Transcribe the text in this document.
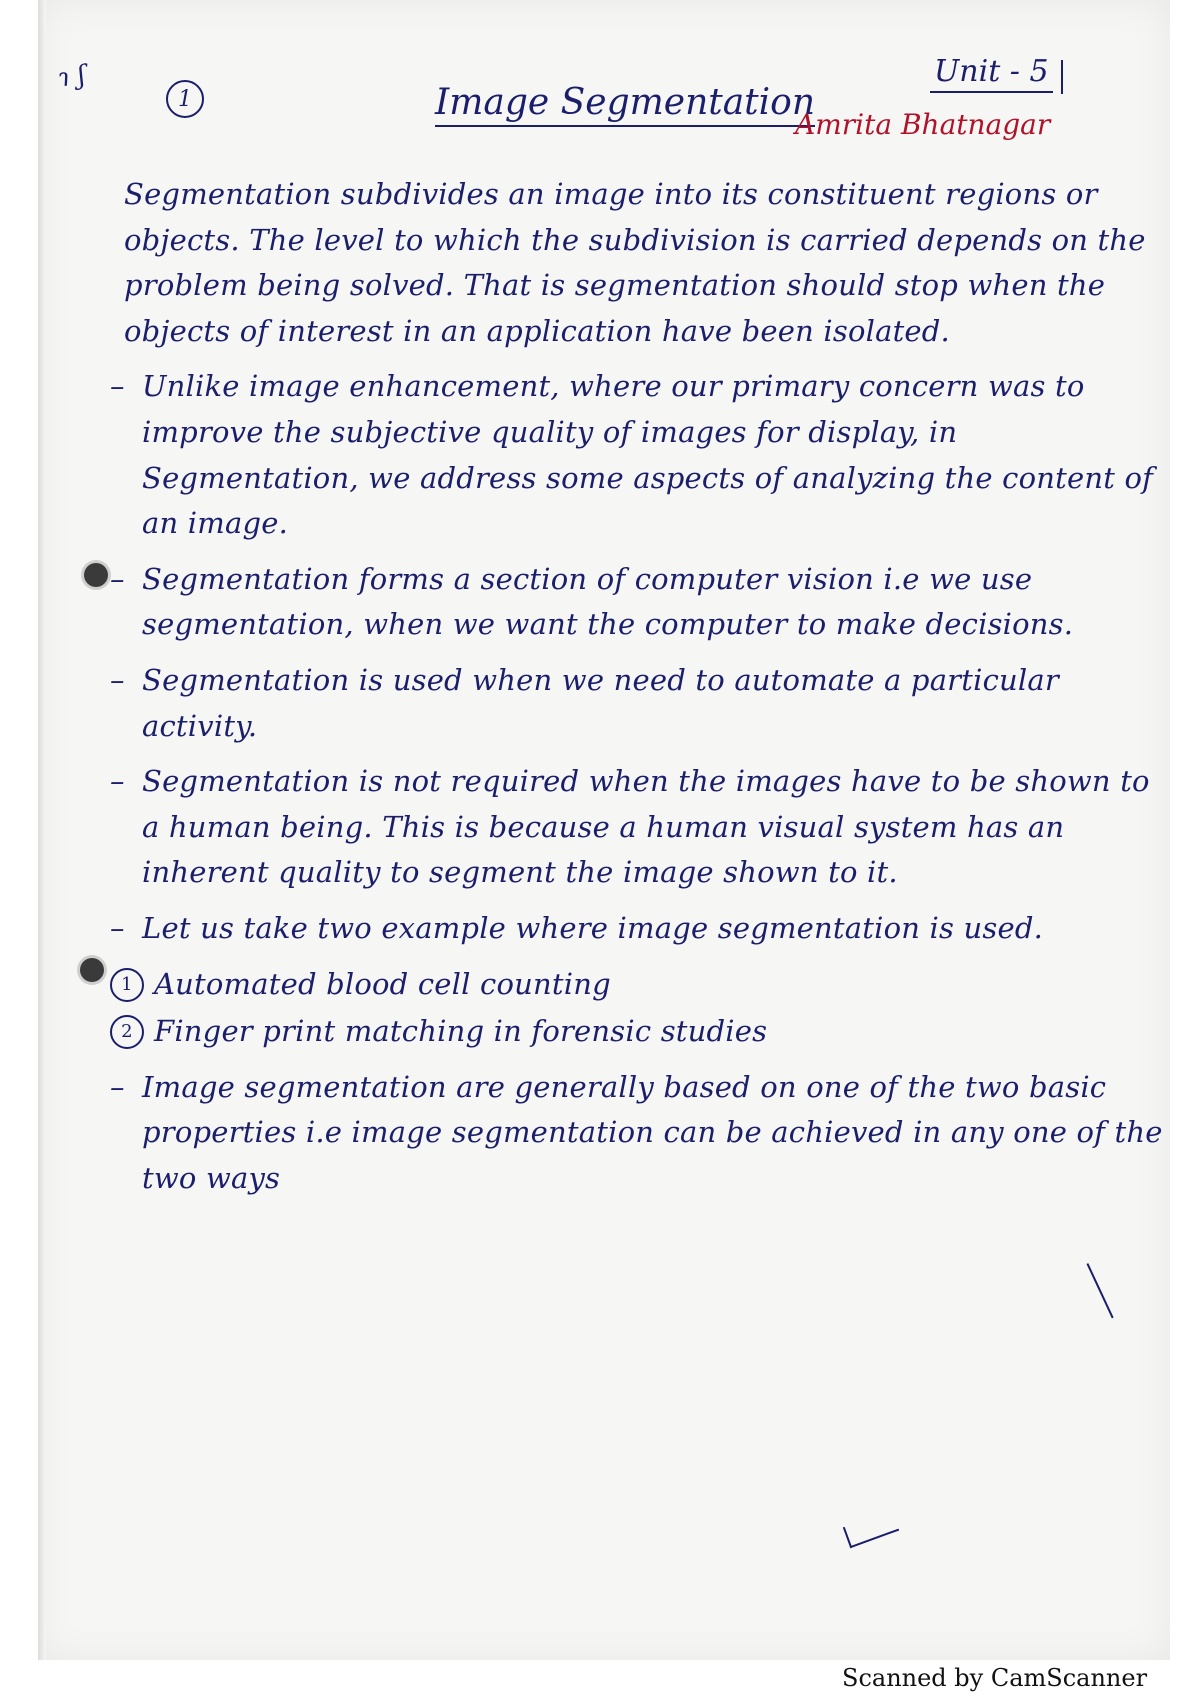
ɿ ʃ
1	Image Segmentation
Unit - 5
Amrita Bhatnagar
Segmentation subdivides an image into its constituent regions or objects. The level to which the subdivision is carried depends on the problem being solved. That is segmentation should stop when the objects of interest in an application have been isolated.
– Unlike image enhancement, where our primary concern was to improve the subjective quality of images for display, in Segmentation, we address some aspects of analyzing the content of an image.
– Segmentation forms a section of computer vision i.e we use segmentation, when we want the computer to make decisions.
– Segmentation is used when we need to automate a particular activity.
– Segmentation is not required when the images have to be shown to a human being. This is because a human visual system has an inherent quality to segment the image shown to it.
– Let us take two example where image segmentation is used.
1 Automated blood cell counting
2 Finger print matching in forensic studies
– Image segmentation are generally based on one of the two basic properties i.e image segmentation can be achieved in any one of the two ways
Scanned by CamScanner
